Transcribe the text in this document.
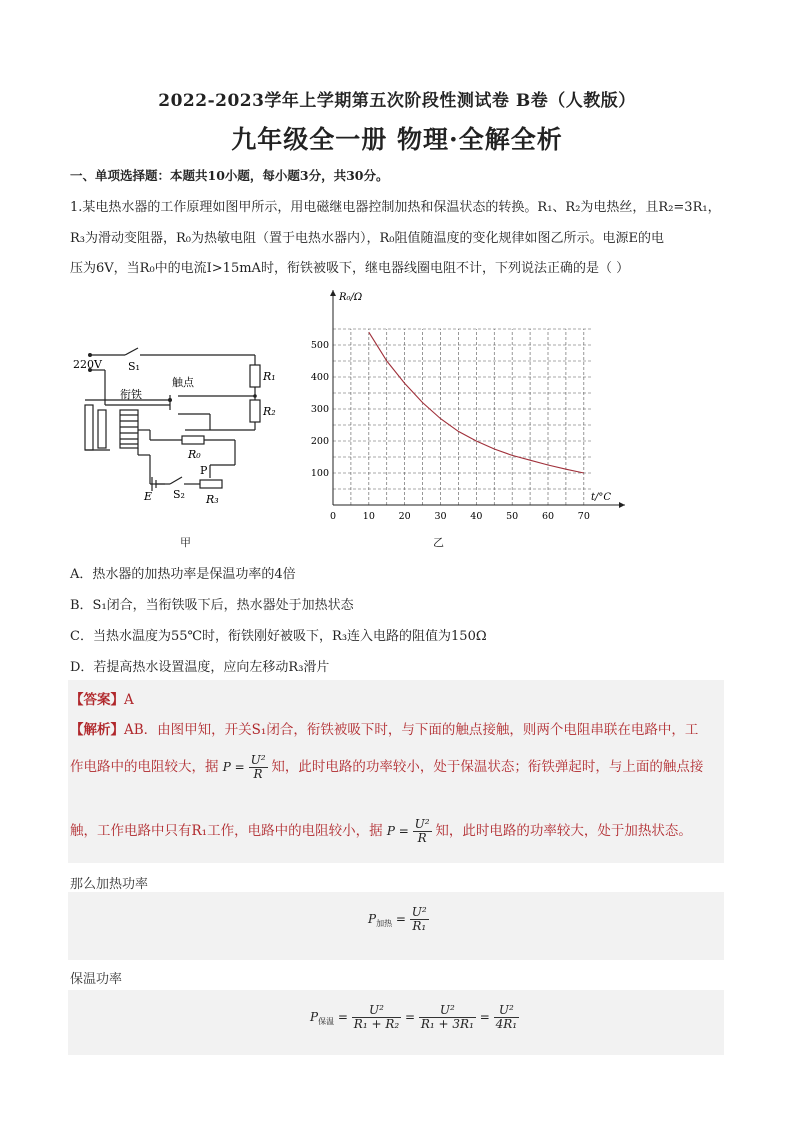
2022-2023学年上学期第五次阶段性测试卷 B卷（人教版）
九年级全一册 物理·全解全析
一、单项选择题：本题共10小题，每小题3分，共30分。
1.某电热水器的工作原理如图甲所示，用电磁继电器控制加热和保温状态的转换。R₁、R₂为电热丝，且R₂=3R₁，
R₃为滑动变阻器，R₀为热敏电阻（置于电热水器内），R₀阻值随温度的变化规律如图乙所示。电源E的电
压为6V，当R₀中的电流I>15mA时，衔铁被吸下，继电器线圈电阻不计，下列说法正确的是（ ）
220V S₁
触点
衔铁
R₁
R₂
R₀
P
E S₂ R₃
甲
0	10 20 30 40 50 60 70
100
200
300
400
500
R₀/Ω
t/°C
乙
A．热水器的加热功率是保温功率的4倍
B．S₁闭合，当衔铁吸下后，热水器处于加热状态
C．当热水温度为55℃时，衔铁刚好被吸下，R₃连入电路的阻值为150Ω
D．若提高热水设置温度，应向左移动R₃滑片
【答案】A
【解析】AB．由图甲知，开关S₁闭合，衔铁被吸下时，与下面的触点接触，则两个电阻串联在电路中，工
作电路中的电阻较大，据 $P = \frac{\text{U²}}{R}$ 知，此时电路的功率较小，处于保温状态；衔铁弹起时，与上面的触点接
触，工作电路中只有R₁工作，电路中的电阻较小，据 $P = \frac{\text{U²}}{R}$ 知，此时电路的功率较大，处于加热状态。
那么加热功率
$P_{加热} = \frac{\text{U²}}{\text{R₁}}$
保温功率
$P_{保温} = \frac{\text{U²}}{\text{R₁ + R₂}} = \frac{\text{U²}}{\text{R₁ + 3R₁}} = \frac{\text{U²}}{\text{4R₁}}$
